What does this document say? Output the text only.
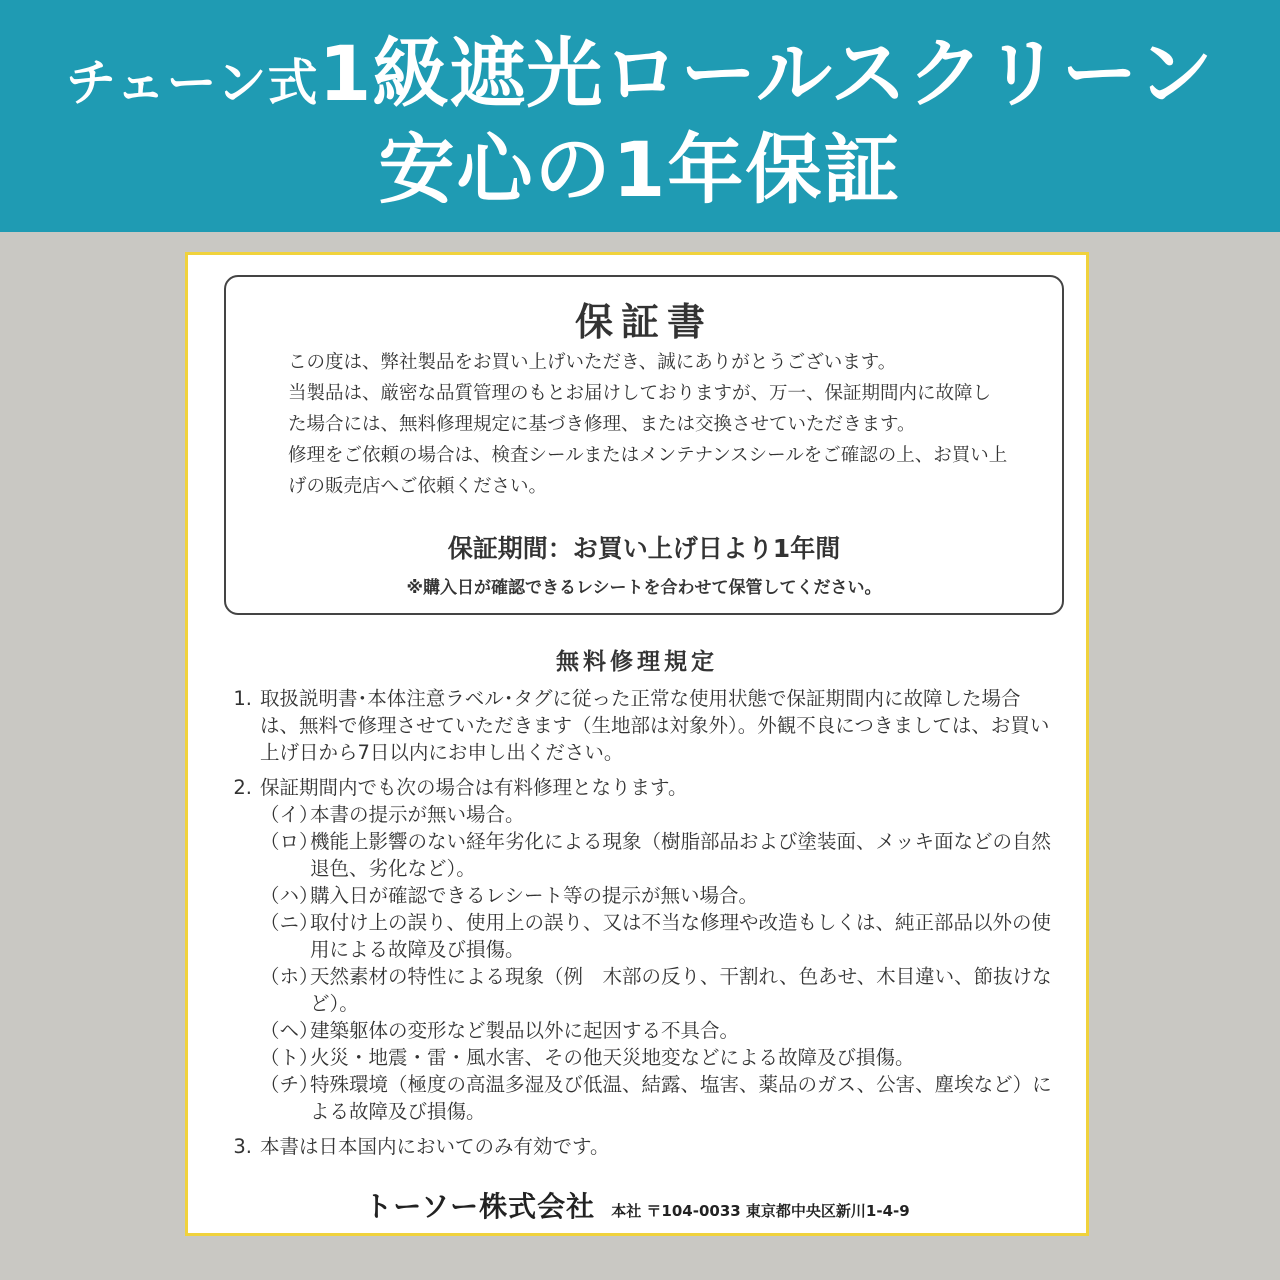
チェーン式1級遮光ロールスクリーン
安心の1年保証
保証書

この度は、弊社製品をお買い上げいただき、誠にありがとうございます。

当製品は、厳密な品質管理のもとお届けしておりますが、万一、保証期間内に故障した場合には、無料修理規定に基づき修理、または交換させていただきます。

修理をご依頼の場合は、検査シールまたはメンテナンスシールをご確認の上、お買い上げの販売店へご依頼ください。

保証期間：お買い上げ日より1年間
※購入日が確認できるレシートを合わせて保管してください。
無料修理規定
1. 取扱説明書･本体注意ラベル･タグに従った正常な使用状態で保証期間内に故障した場合は、無料で修理させていただきます（生地部は対象外）。外観不良につきましては、お買い上げ日から7日以内にお申し出ください。
2. 保証期間内でも次の場合は有料修理となります。
（イ）
本書の提示が無い場合。
（ロ）
機能上影響のない経年劣化による現象（樹脂部品および塗装面、メッキ面などの自然退色、劣化など）。
（ハ）
購入日が確認できるレシート等の提示が無い場合。
（ニ）
取付け上の誤り、使用上の誤り、又は不当な修理や改造もしくは、純正部品以外の使用による故障及び損傷。
（ホ）
天然素材の特性による現象（例　木部の反り、干割れ、色あせ、木目違い、節抜けなど）。
（ヘ）
建築躯体の変形など製品以外に起因する不具合。
（ト）
火災・地震・雷・風水害、その他天災地変などによる故障及び損傷。
（チ）
特殊環境（極度の高温多湿及び低温、結露、塩害、薬品のガス、公害、塵埃など）による故障及び損傷。
3. 本書は日本国内においてのみ有効です。
トーソー株式会社 本社 〒104-0033 東京都中央区新川1-4-9
